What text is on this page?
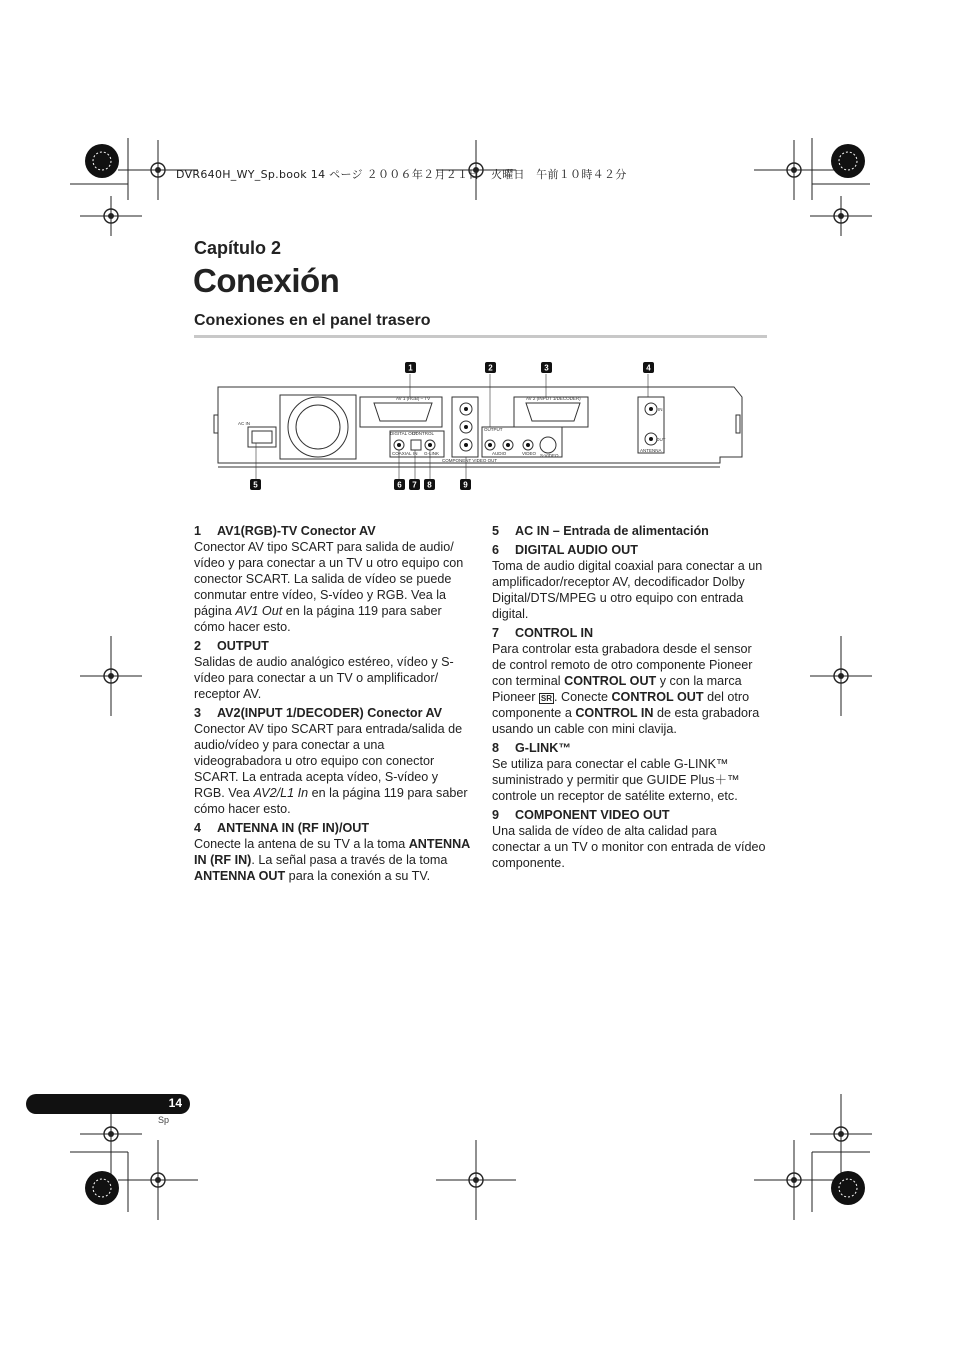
DVR640H_WY_Sp.book 14 ページ ２００６年２月２１日　火曜日　午前１０時４２分
Capítulo 2
Conexión
Conexiones en el panel trasero
AC IN
AV 1 (RGB) – TV	AV 2 (INPUT 1/DECODER)
DIGITAL OUT
COAXIAL
CONTROL
IN G-LINK
COMPONENT VIDEO OUT
OUTPUT
AUDIO	VIDEO S-VIDEO
IN
OUT
ANTENNA
1	2	3	4
5	6 7 8	9
1	AV1(RGB)-TV Conector AV

Conector AV tipo SCART para salida de audio/ vídeo y para conectar a un TV u otro equipo con conector SCART. La salida de vídeo se puede conmutar entre vídeo, S-vídeo y RGB. Vea la página AV1 Out en la página 119 para saber cómo hacer esto.

2	OUTPUT

Salidas de audio analógico estéreo, vídeo y S-vídeo para conectar a un TV o amplificador/ receptor AV.

3	AV2(INPUT 1/DECODER) Conector AV

Conector AV tipo SCART para entrada/salida de audio/vídeo y para conectar a una videograbadora u otro equipo con conector SCART. La entrada acepta vídeo, S-vídeo y RGB. Vea AV2/L1 In en la página 119 para saber cómo hacer esto.

4	ANTENNA IN (RF IN)/OUT

Conecte la antena de su TV a la toma ANTENNA IN (RF IN). La señal pasa a través de la toma ANTENNA OUT para la conexión a su TV.

5	AC IN – Entrada de alimentación
6	DIGITAL AUDIO OUT

Toma de audio digital coaxial para conectar a un amplificador/receptor AV, decodificador Dolby Digital/DTS/MPEG u otro equipo con entrada digital.

7	CONTROL IN

Para controlar esta grabadora desde el sensor de control remoto de otro componente Pioneer con terminal CONTROL OUT y con la marca Pioneer SR . Conecte CONTROL OUT del otro componente a CONTROL IN de esta grabadora usando un cable con mini clavija.

8	G-LINK™

Se utiliza para conectar el cable G-LINK™ suministrado y permitir que GUIDE Plus＋™ controle un receptor de satélite externo, etc.

9	COMPONENT VIDEO OUT

Una salida de vídeo de alta calidad para conectar a un TV o monitor con entrada de vídeo componente.

14
Sp
